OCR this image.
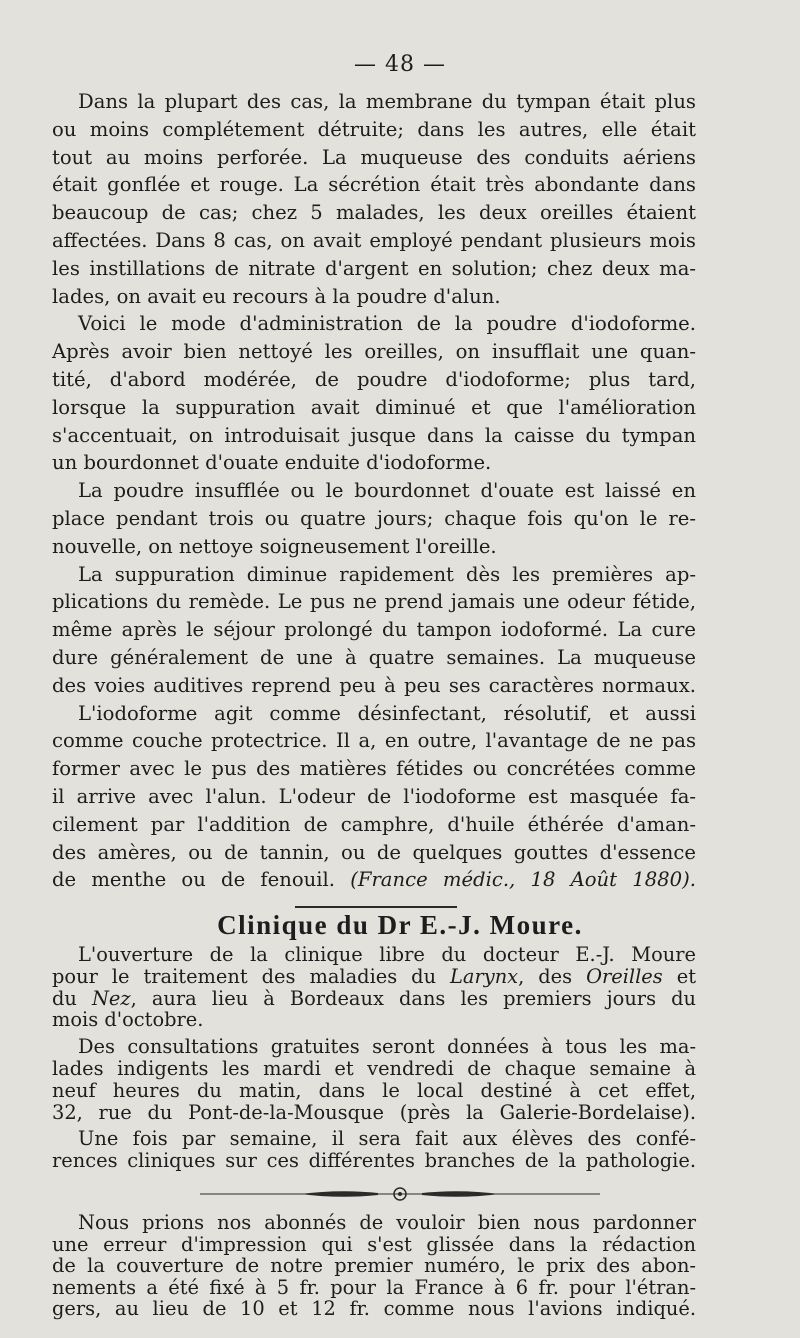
— 48 —
Dans la plupart des cas, la membrane du tympan était plus
ou moins complétement détruite; dans les autres, elle était
tout au moins perforée. La muqueuse des conduits aériens
était gonflée et rouge. La sécrétion était très abondante dans
beaucoup de cas; chez 5 malades, les deux oreilles étaient
affectées. Dans 8 cas, on avait employé pendant plusieurs mois
les instillations de nitrate d'argent en solution; chez deux ma-
lades, on avait eu recours à la poudre d'alun.
Voici le mode d'administration de la poudre d'iodoforme.
Après avoir bien nettoyé les oreilles, on insufflait une quan-
tité, d'abord modérée, de poudre d'iodoforme; plus tard,
lorsque la suppuration avait diminué et que l'amélioration
s'accentuait, on introduisait jusque dans la caisse du tympan
un bourdonnet d'ouate enduite d'iodoforme.
La poudre insufflée ou le bourdonnet d'ouate est laissé en
place pendant trois ou quatre jours; chaque fois qu'on le re-
nouvelle, on nettoye soigneusement l'oreille.
La suppuration diminue rapidement dès les premières ap-
plications du remède. Le pus ne prend jamais une odeur fétide,
même après le séjour prolongé du tampon iodoformé. La cure
dure généralement de une à quatre semaines. La muqueuse
des voies auditives reprend peu à peu ses caractères normaux.
L'iodoforme agit comme désinfectant, résolutif, et aussi
comme couche protectrice. Il a, en outre, l'avantage de ne pas
former avec le pus des matières fétides ou concrétées comme
il arrive avec l'alun. L'odeur de l'iodoforme est masquée fa-
cilement par l'addition de camphre, d'huile éthérée d'aman-
des amères, ou de tannin, ou de quelques gouttes d'essence
de menthe ou de fenouil. (France médic., 18 Août 1880).
Clinique du Dr E.-J. Moure.
L'ouverture de la clinique libre du docteur E.-J. Moure
pour le traitement des maladies du Larynx, des Oreilles et
du Nez, aura lieu à Bordeaux dans les premiers jours du
mois d'octobre.
Des consultations gratuites seront données à tous les ma-
lades indigents les mardi et vendredi de chaque semaine à
neuf heures du matin, dans le local destiné à cet effet,
32, rue du Pont-de-la-Mousque (près la Galerie-Bordelaise).
Une fois par semaine, il sera fait aux élèves des confé-
rences cliniques sur ces différentes branches de la pathologie.
Nous prions nos abonnés de vouloir bien nous pardonner
une erreur d'impression qui s'est glissée dans la rédaction
de la couverture de notre premier numéro, le prix des abon-
nements a été fixé à 5 fr. pour la France à 6 fr. pour l'étran-
gers, au lieu de 10 et 12 fr. comme nous l'avions indiqué.
